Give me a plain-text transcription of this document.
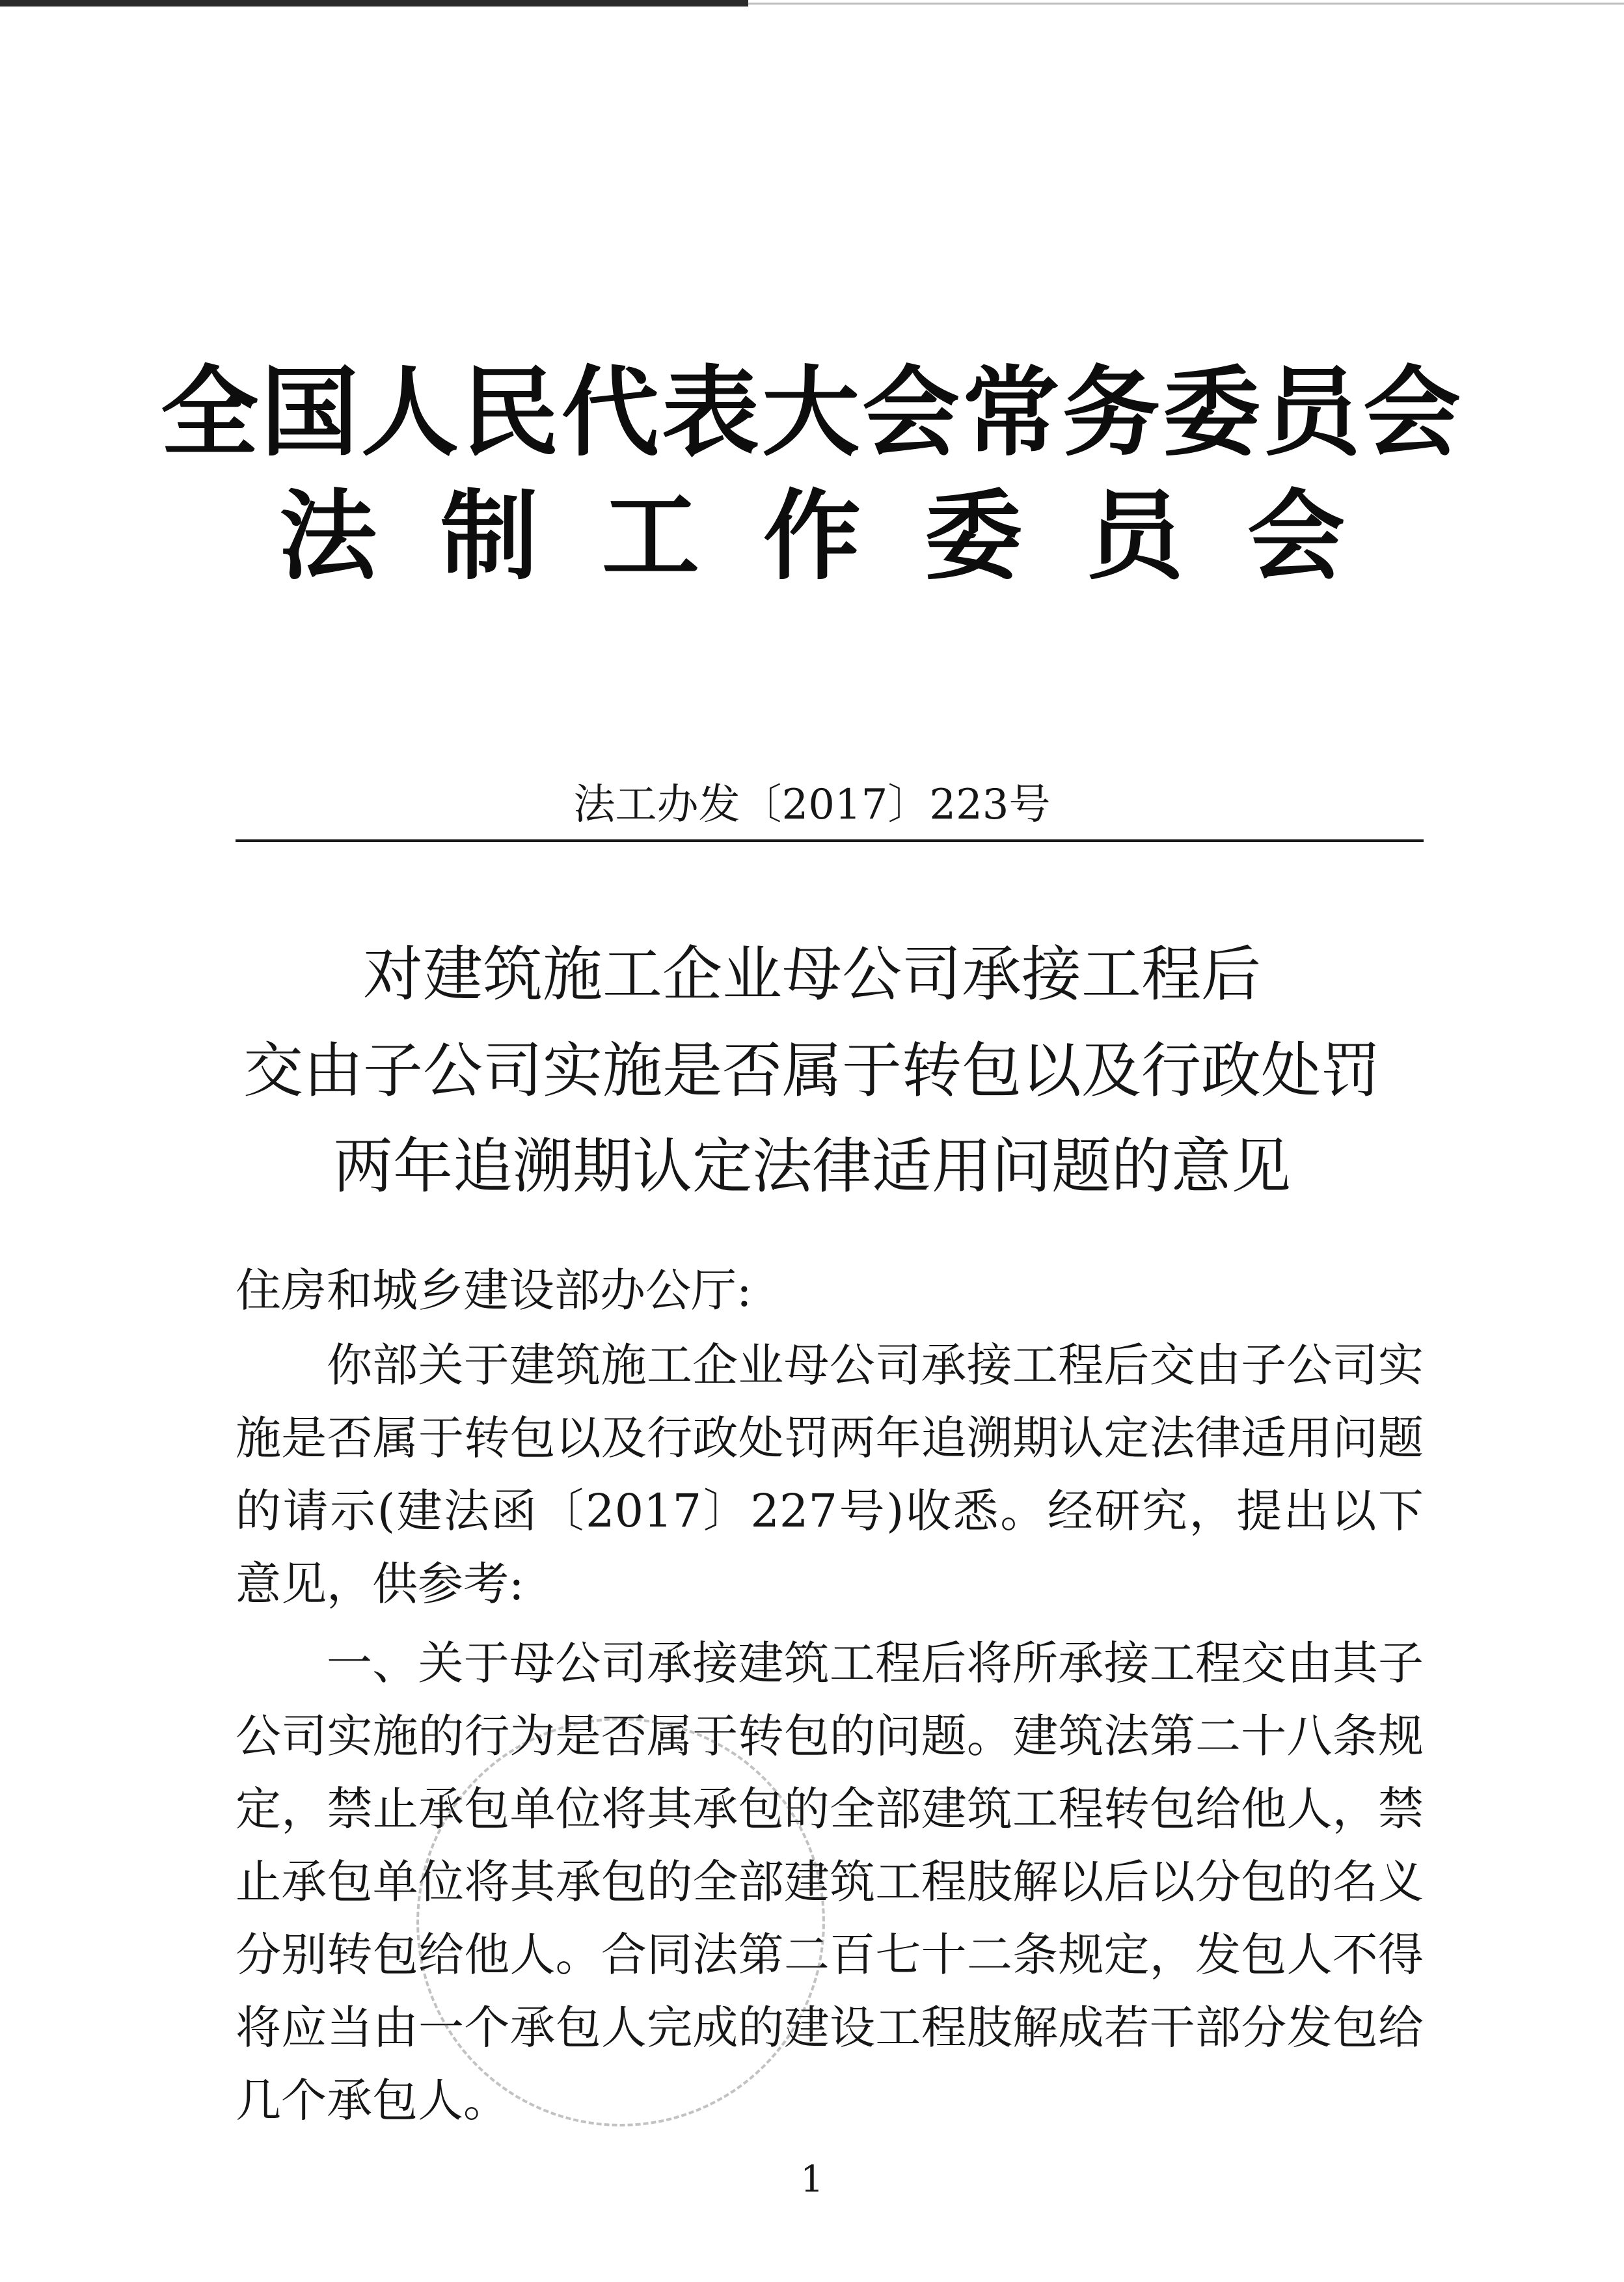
全国人民代表大会常务委员会
法制工作委员会
法工办发〔2017〕223号
对建筑施工企业母公司承接工程后
交由子公司实施是否属于转包以及行政处罚
两年追溯期认定法律适用问题的意见
住房和城乡建设部办公厅:

你部关于建筑施工企业母公司承接工程后交由子公司实施是否属于转包以及行政处罚两年追溯期认定法律适用问题的请示(建法函〔2017〕227号)收悉。经研究，提出以下意见，供参考:

一、关于母公司承接建筑工程后将所承接工程交由其子公司实施的行为是否属于转包的问题。建筑法第二十八条规定，禁止承包单位将其承包的全部建筑工程转包给他人，禁止承包单位将其承包的全部建筑工程肢解以后以分包的名义分别转包给他人。合同法第二百七十二条规定，发包人不得将应当由一个承包人完成的建设工程肢解成若干部分发包给几个承包人。

1
